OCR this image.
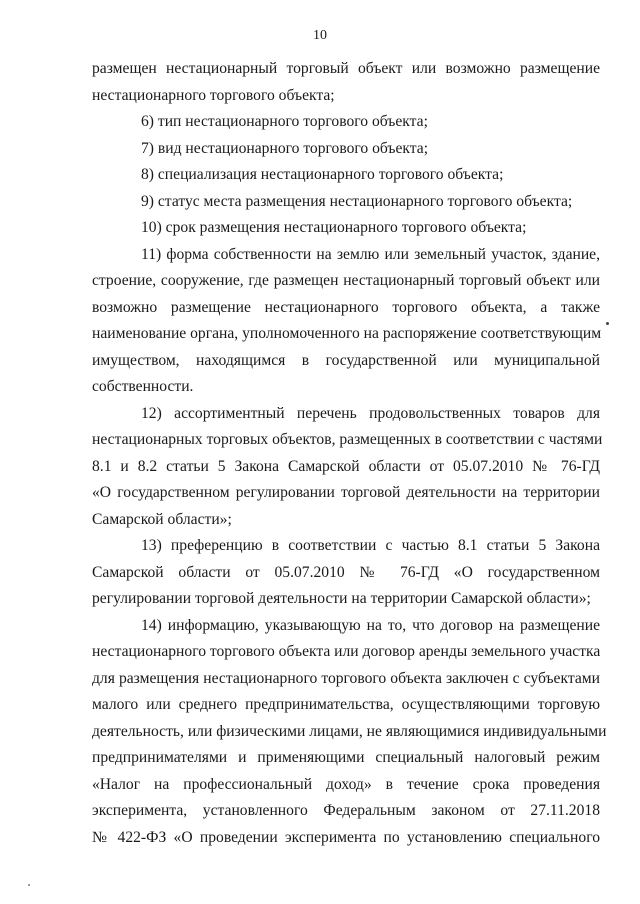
10
размещен нестационарный торговый объект или возможно размещение
нестационарного торгового объекта;
6) тип нестационарного торгового объекта;
7) вид нестационарного торгового объекта;
8) специализация нестационарного торгового объекта;
9) статус места размещения нестационарного торгового объекта;
10) срок размещения нестационарного торгового объекта;
11) форма собственности на землю или земельный участок, здание,
строение, сооружение, где размещен нестационарный торговый объект или
возможно размещение нестационарного торгового объекта, а также
наименование органа, уполномоченного на распоряжение соответствующим
имуществом, находящимся в государственной или муниципальной
собственности.
12) ассортиментный перечень продовольственных товаров для
нестационарных торговых объектов, размещенных в соответствии с частями
8.1 и 8.2 статьи 5 Закона Самарской области от 05.07.2010 № 76-ГД
«О государственном регулировании торговой деятельности на территории
Самарской области»;
13) преференцию в соответствии с частью 8.1 статьи 5 Закона
Самарской области от 05.07.2010 № 76-ГД «О государственном
регулировании торговой деятельности на территории Самарской области»;
14) информацию, указывающую на то, что договор на размещение
нестационарного торгового объекта или договор аренды земельного участка
для размещения нестационарного торгового объекта заключен с субъектами
малого или среднего предпринимательства, осуществляющими торговую
деятельность, или физическими лицами, не являющимися индивидуальными
предпринимателями и применяющими специальный налоговый режим
«Налог на профессиональный доход» в течение срока проведения
эксперимента, установленного Федеральным законом от 27.11.2018
№ 422-ФЗ «О проведении эксперимента по установлению специального
